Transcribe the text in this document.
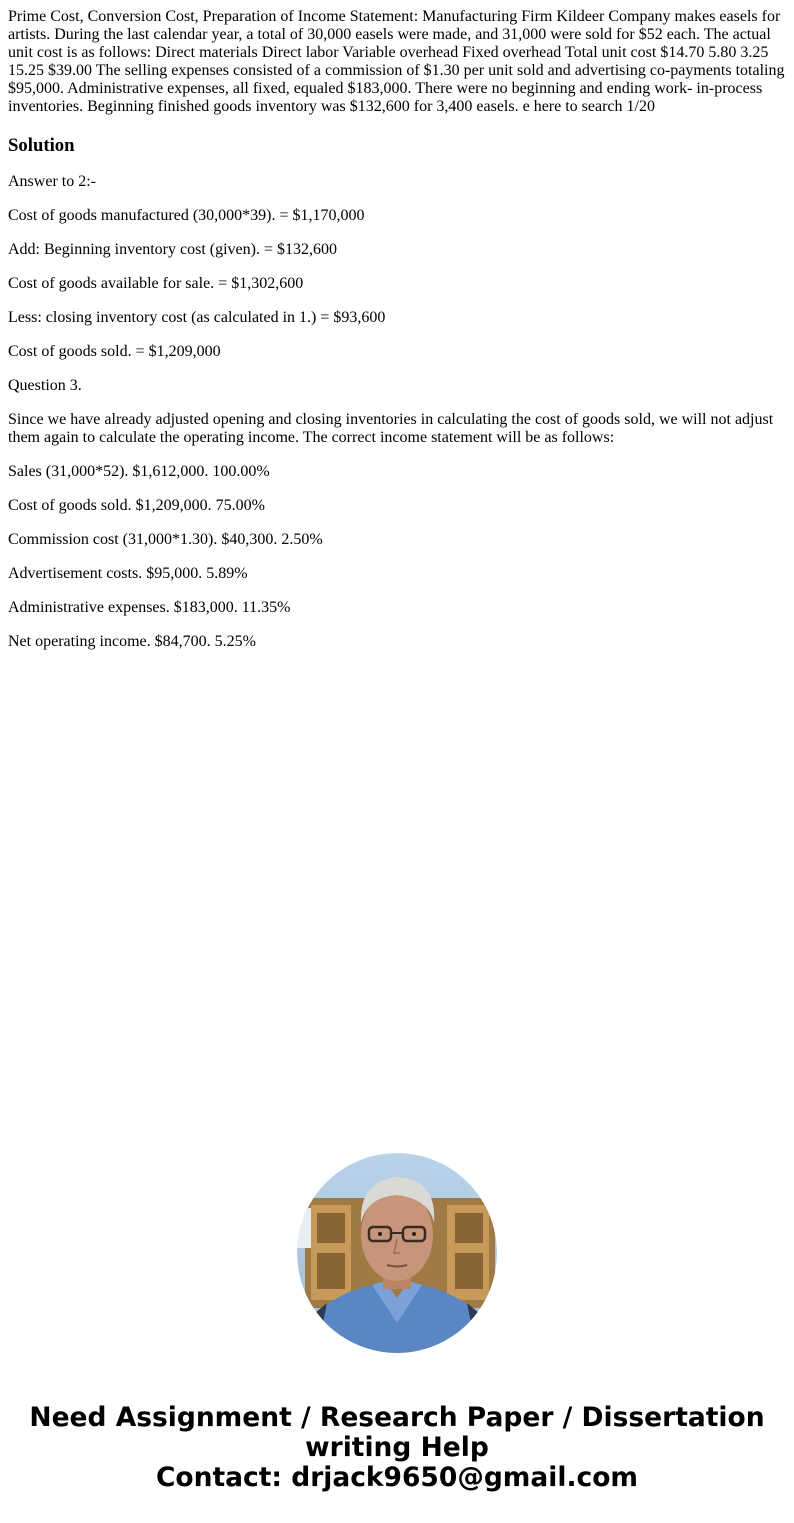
Prime Cost, Conversion Cost, Preparation of Income Statement: Manufacturing Firm Kildeer Company makes easels for artists. During the last calendar year, a total of 30,000 easels were made, and 31,000 were sold for $52 each. The actual unit cost is as follows: Direct materials Direct labor Variable overhead Fixed overhead Total unit cost $14.70 5.80 3.25 15.25 $39.00 The selling expenses consisted of a commission of $1.30 per unit sold and advertising co-payments totaling $95,000. Administrative expenses, all fixed, equaled $183,000. There were no beginning and ending work- in-process inventories. Beginning finished goods inventory was $132,600 for 3,400 easels. e here to search 1/20

Solution

Answer to 2:-

Cost of goods manufactured (30,000*39). = $1,170,000

Add: Beginning inventory cost (given). = $132,600

Cost of goods available for sale. = $1,302,600

Less: closing inventory cost (as calculated in 1.) = $93,600

Cost of goods sold. = $1,209,000

Question 3.

Since we have already adjusted opening and closing inventories in calculating the cost of goods sold, we will not adjust them again to calculate the operating income. The correct income statement will be as follows:

Sales (31,000*52). $1,612,000. 100.00%

Cost of goods sold. $1,209,000. 75.00%

Commission cost (31,000*1.30). $40,300. 2.50%

Advertisement costs. $95,000. 5.89%

Administrative expenses. $183,000. 11.35%

Net operating income. $84,700. 5.25%

Need Assignment / Research Paper / Dissertation
writing Help
Contact: drjack9650@gmail.com
